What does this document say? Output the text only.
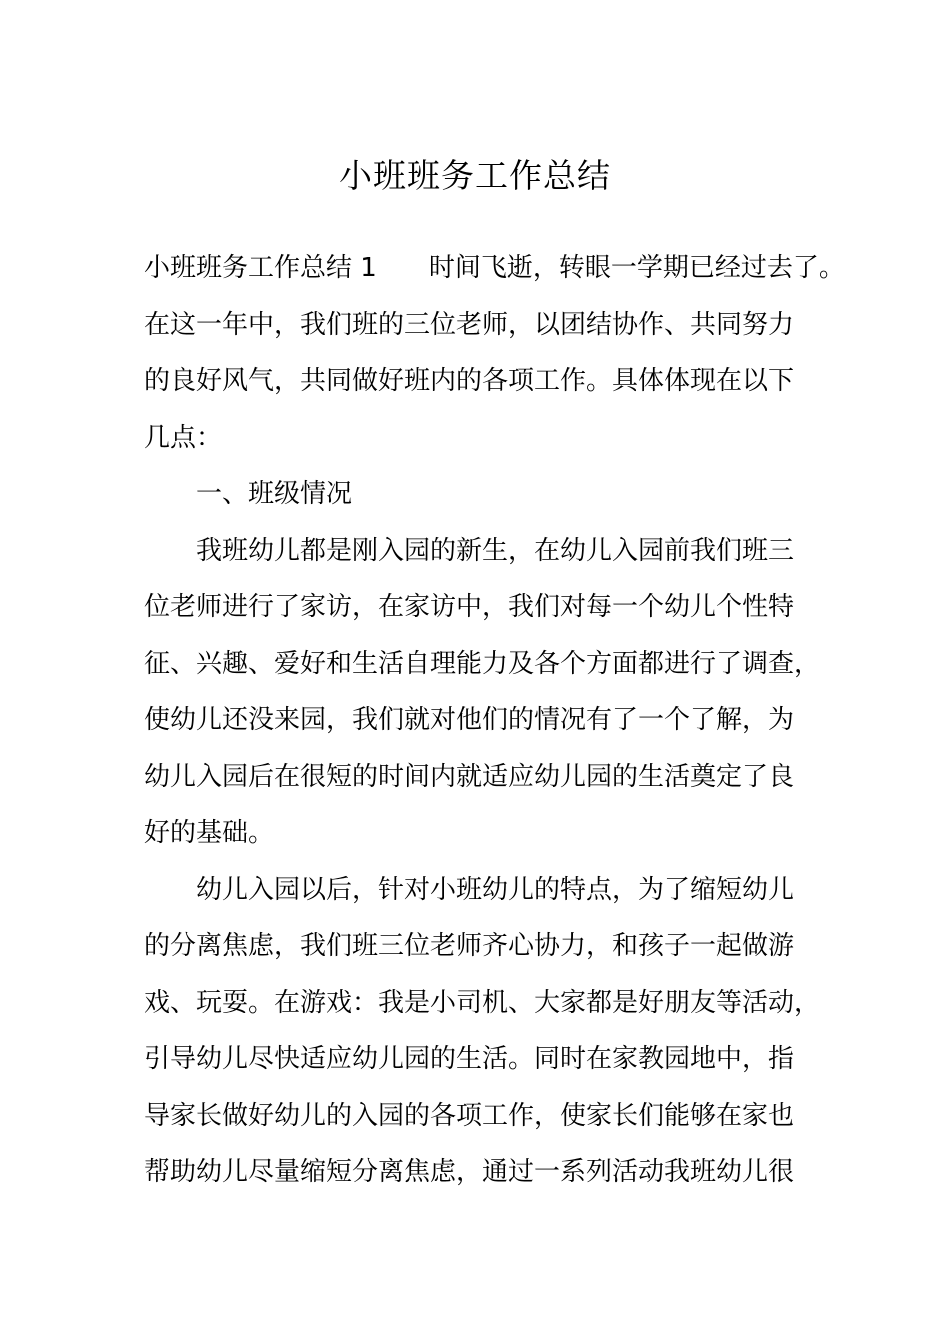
小班班务工作总结
小班班务工作总结 1 时间飞逝，转眼一学期已经过去了。
在这一年中，我们班的三位老师，以团结协作、共同努力
的良好风气，共同做好班内的各项工作。具体体现在以下
几点：
一、班级情况
我班幼儿都是刚入园的新生，在幼儿入园前我们班三
位老师进行了家访，在家访中，我们对每一个幼儿个性特
征、兴趣、爱好和生活自理能力及各个方面都进行了调查，
使幼儿还没来园，我们就对他们的情况有了一个了解，为
幼儿入园后在很短的时间内就适应幼儿园的生活奠定了良
好的基础。
幼儿入园以后，针对小班幼儿的特点，为了缩短幼儿
的分离焦虑，我们班三位老师齐心协力，和孩子一起做游
戏、玩耍。在游戏：我是小司机、大家都是好朋友等活动，
引导幼儿尽快适应幼儿园的生活。同时在家教园地中，指
导家长做好幼儿的入园的各项工作，使家长们能够在家也
帮助幼儿尽量缩短分离焦虑，通过一系列活动我班幼儿很
